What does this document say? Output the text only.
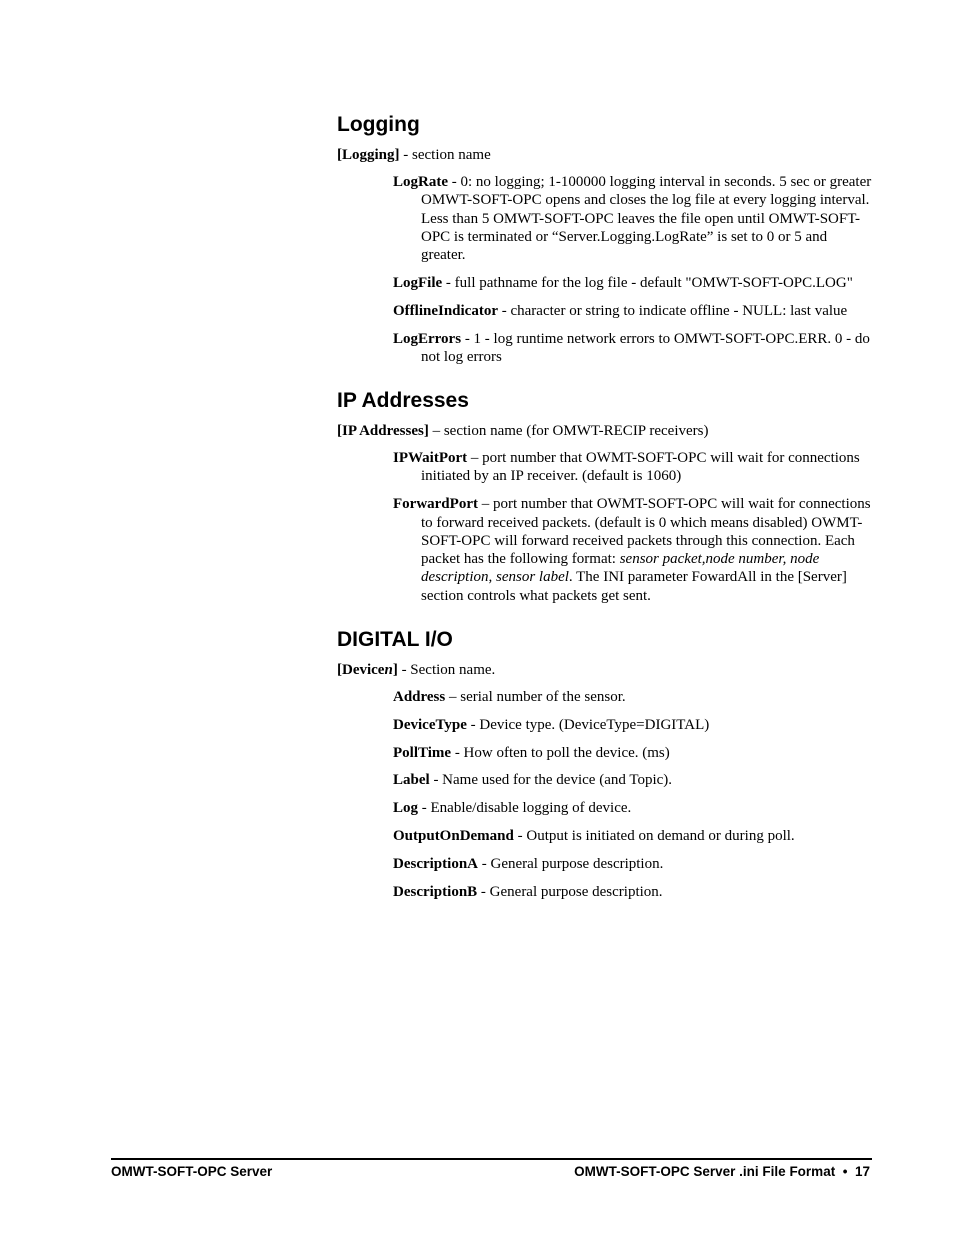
Logging

[Logging] - section name

LogRate - 0: no logging; 1-100000 logging interval in seconds. 5 sec or greater OMWT-SOFT-OPC opens and closes the log file at every logging interval. Less than 5 OMWT-SOFT-OPC leaves the file open until OMWT-SOFT-OPC is terminated or “Server.Logging.LogRate” is set to 0 or 5 and greater.

LogFile - full pathname for the log file - default "OMWT-SOFT-OPC.LOG"

OfflineIndicator - character or string to indicate offline - NULL: last value

LogErrors - 1 - log runtime network errors to OMWT-SOFT-OPC.ERR. 0 - do not log errors

IP Addresses

[IP Addresses] – section name (for OMWT-RECIP receivers)

IPWaitPort – port number that OWMT-SOFT-OPC will wait for connections initiated by an IP receiver. (default is 1060)

ForwardPort – port number that OWMT-SOFT-OPC will wait for connections to forward received packets. (default is 0 which means disabled) OWMT-SOFT-OPC will forward received packets through this connection. Each packet has the following format: sensor packet,node number, node description, sensor label. The INI parameter FowardAll in the [Server] section controls what packets get sent.

DIGITAL I/O

[Devicen] - Section name.

Address – serial number of the sensor.

DeviceType - Device type. (DeviceType=DIGITAL)

PollTime - How often to poll the device. (ms)

Label - Name used for the device (and Topic).

Log - Enable/disable logging of device.

OutputOnDemand - Output is initiated on demand or during poll.

DescriptionA - General purpose description.

DescriptionB - General purpose description.

OMWT-SOFT-OPC Server	OMWT-SOFT-OPC Server .ini File Format • 17
